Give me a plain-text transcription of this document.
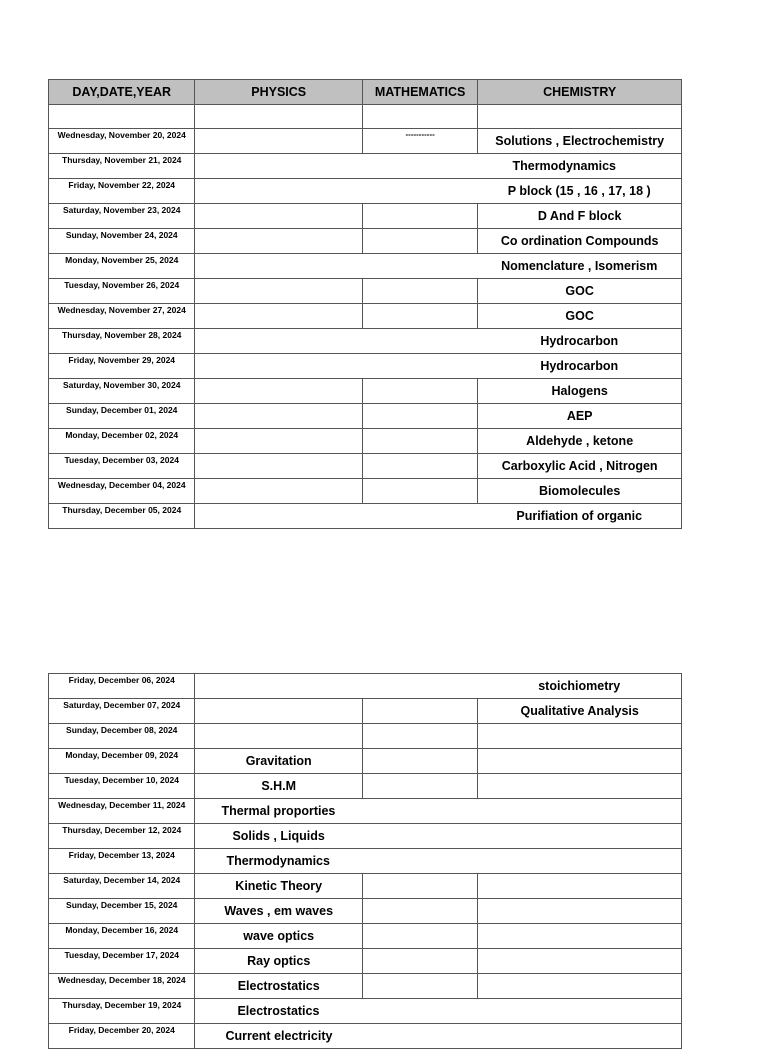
DAY,DATE,YEAR	PHYSICS	MATHEMATICS	CHEMISTRY

Wednesday, November 20, 2024		-----------	Solutions , Electrochemistry
Thursday, November 21, 2024	Thermodynamics		
Friday, November 22, 2024	P block (15 , 16 , 17, 18 )		
Saturday, November 23, 2024			D And F block
Sunday, November 24, 2024			Co ordination Compounds
Monday, November 25, 2024	Nomenclature , Isomerism		
Tuesday, November 26, 2024			GOC
Wednesday, November 27, 2024			GOC
Thursday, November 28, 2024	Hydrocarbon		
Friday, November 29, 2024	Hydrocarbon		
Saturday, November 30, 2024			Halogens
Sunday, December 01, 2024			AEP
Monday, December 02, 2024			Aldehyde , ketone
Tuesday, December 03, 2024			Carboxylic Acid , Nitrogen
Wednesday, December 04, 2024			Biomolecules
Thursday, December 05, 2024	Purifiation of organic		
Friday, December 06, 2024	stoichiometry		
Saturday, December 07, 2024			Qualitative Analysis
Sunday, December 08, 2024			
Monday, December 09, 2024	Gravitation		
Tuesday, December 10, 2024	S.H.M		
Wednesday, December 11, 2024	Thermal proporties		
Thursday, December 12, 2024	Solids , Liquids		
Friday, December 13, 2024	Thermodynamics		
Saturday, December 14, 2024	Kinetic Theory		
Sunday, December 15, 2024	Waves , em waves		
Monday, December 16, 2024	wave optics		
Tuesday, December 17, 2024	Ray optics		
Wednesday, December 18, 2024	Electrostatics		
Thursday, December 19, 2024	Electrostatics		
Friday, December 20, 2024	Current electricity		
